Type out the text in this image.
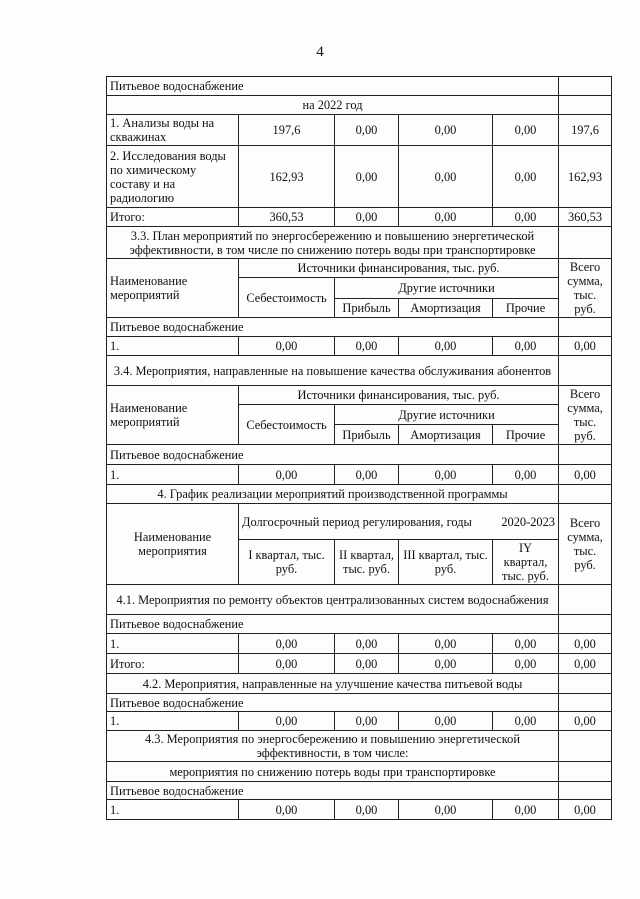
4
Питьевое водоснабжение					
на 2022 год					
1. Анализы воды на скважинах	197,6	0,00	0,00	0,00	197,6
2. Исследования воды по химическому составу и на радиологию	162,93	0,00	0,00	0,00	162,93
Итого:	360,53	0,00	0,00	0,00	360,53
3.3. План мероприятий по энергосбережению и повышению энергетической эффективности, в том числе по снижению потерь воды при транспортировке					
Наименование мероприятий	Источники финансирования, тыс. руб.				Всего сумма, тыс. руб.
	Себестоимость	Другие источники			
		Прибыль	Амортизация	Прочие	
Питьевое водоснабжение					
1.	0,00	0,00	0,00	0,00	0,00
3.4. Мероприятия, направленные на повышение качества обслуживания абонентов					
Наименование мероприятий	Источники финансирования, тыс. руб.				Всего сумма, тыс. руб.
	Себестоимость	Другие источники			
		Прибыль	Амортизация	Прочие	
Питьевое водоснабжение					
1.	0,00	0,00	0,00	0,00	0,00
4. График реализации мероприятий производственной программы					
Наименование мероприятия	Долгосрочный период регулирования, годы 2020-2023				Всего сумма, тыс. руб.
	I квартал, тыс. руб.	II квартал, тыс. руб.	III квартал, тыс. руб.	IY квартал, тыс. руб.	
4.1. Мероприятия по ремонту объектов централизованных систем водоснабжения					
Питьевое водоснабжение					
1.	0,00	0,00	0,00	0,00	0,00
Итого:	0,00	0,00	0,00	0,00	0,00
4.2. Мероприятия, направленные на улучшение качества питьевой воды					
Питьевое водоснабжение					
1.	0,00	0,00	0,00	0,00	0,00
4.3. Мероприятия по энергосбережению и повышению энергетической эффективности, в том числе:					
мероприятия по снижению потерь воды при транспортировке					
Питьевое водоснабжение					
1.	0,00	0,00	0,00	0,00	0,00
